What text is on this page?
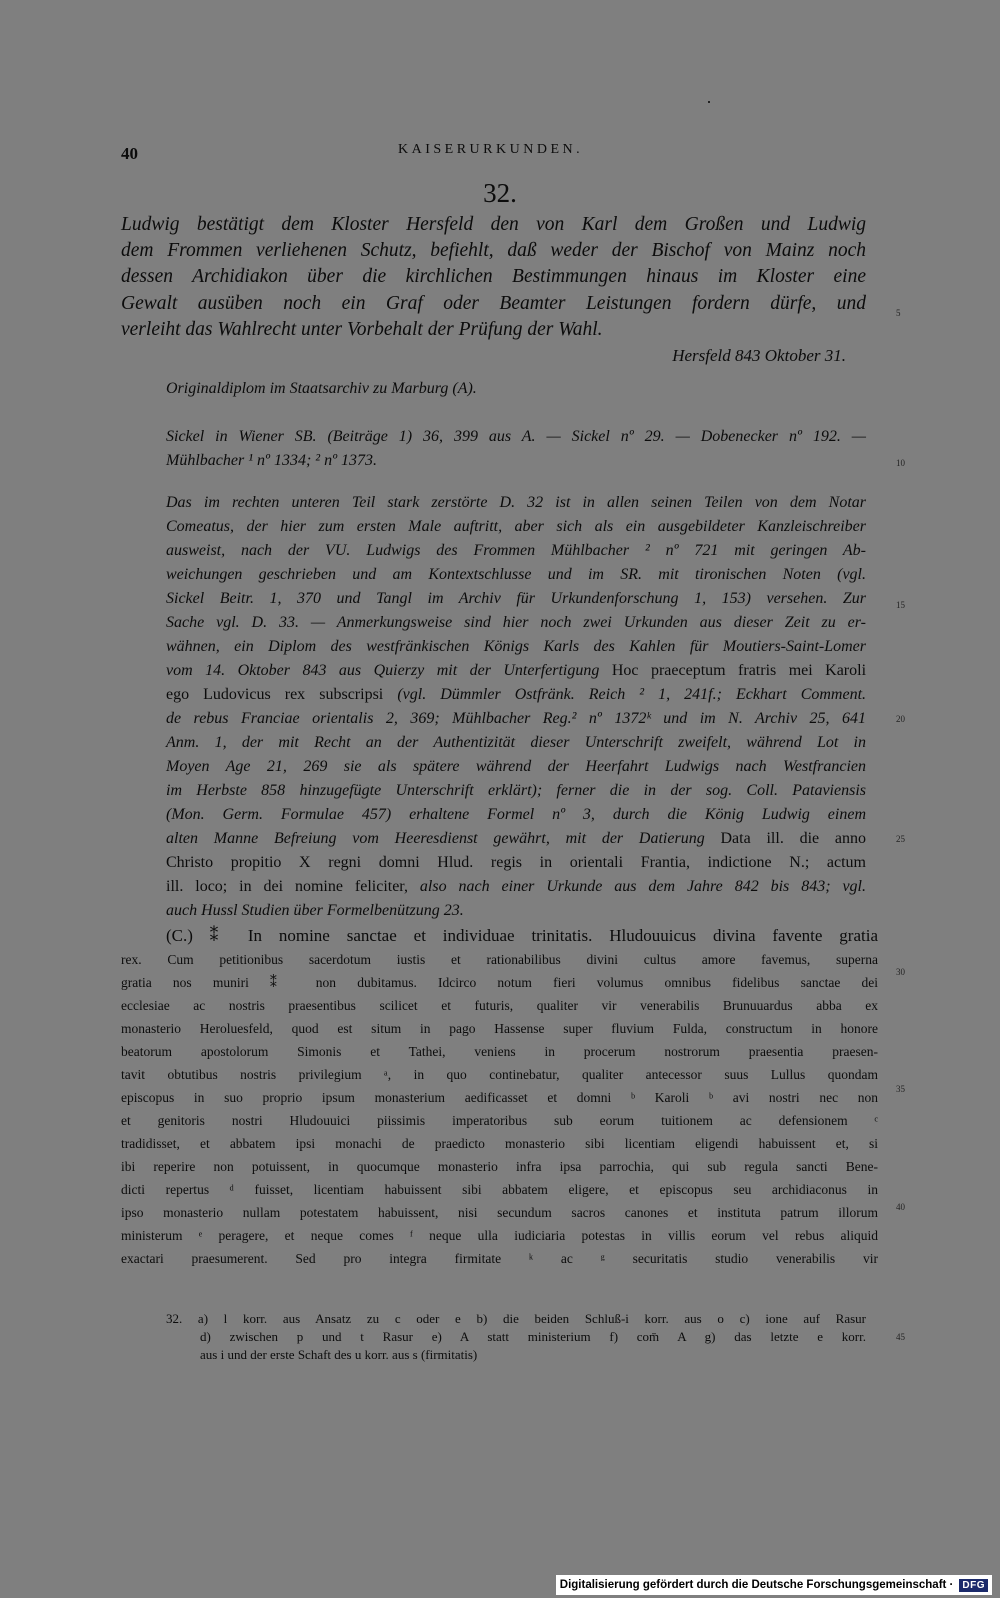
40	KAISERURKUNDEN.
32.
Ludwig bestätigt dem Kloster Hersfeld den von Karl dem Großen und Ludwig
dem Frommen verliehenen Schutz, befiehlt, daß weder der Bischof von Mainz noch
dessen Archidiakon über die kirchlichen Bestimmungen hinaus im Kloster eine
Gewalt ausüben noch ein Graf oder Beamter Leistungen fordern dürfe, und
verleiht das Wahlrecht unter Vorbehalt der Prüfung der Wahl.
Hersfeld 843 Oktober 31.
Originaldiplom im Staatsarchiv zu Marburg (A).
Sickel in Wiener SB. (Beiträge 1) 36, 399 aus A. — Sickel nº 29. — Dobenecker nº 192. —
Mühlbacher ¹ nº 1334; ² nº 1373.
Das im rechten unteren Teil stark zerstörte D. 32 ist in allen seinen Teilen von dem Notar
Comeatus, der hier zum ersten Male auftritt, aber sich als ein ausgebildeter Kanzleischreiber
ausweist, nach der VU. Ludwigs des Frommen Mühlbacher ² nº 721 mit geringen Ab-
weichungen geschrieben und am Kontextschlusse und im SR. mit tironischen Noten (vgl.
Sickel Beitr. 1, 370 und Tangl im Archiv für Urkundenforschung 1, 153) versehen. Zur
Sache vgl. D. 33. — Anmerkungsweise sind hier noch zwei Urkunden aus dieser Zeit zu er-
wähnen, ein Diplom des westfränkischen Königs Karls des Kahlen für Moutiers-Saint-Lomer
vom 14. Oktober 843 aus Quierzy mit der Unterfertigung Hoc praeceptum fratris mei Karoli
ego Ludovicus rex subscripsi (vgl. Dümmler Ostfränk. Reich ² 1, 241f.; Eckhart Comment.
de rebus Franciae orientalis 2, 369; Mühlbacher Reg.² nº 1372ᵏ und im N. Archiv 25, 641
Anm. 1, der mit Recht an der Authentizität dieser Unterschrift zweifelt, während Lot in
Moyen Age 21, 269 sie als spätere während der Heerfahrt Ludwigs nach Westfrancien
im Herbste 858 hinzugefügte Unterschrift erklärt); ferner die in der sog. Coll. Pataviensis
(Mon. Germ. Formulae 457) erhaltene Formel nº 3, durch die König Ludwig einem
alten Manne Befreiung vom Heeresdienst gewährt, mit der Datierung Data ill. die anno
Christo propitio X regni domni Hlud. regis in orientali Frantia, indictione N.; actum
ill. loco; in dei nomine feliciter, also nach einer Urkunde aus dem Jahre 842 bis 843; vgl.
auch Hussl Studien über Formelbenützung 23.
(C.) ⁑ In nomine sanctae et individuae trinitatis. Hludouuicus divina favente gratia
rex. Cum petitionibus sacerdotum iustis et rationabilibus divini cultus amore favemus, superna
gratia nos muniri ⁑ non dubitamus. Idcirco notum fieri volumus omnibus fidelibus sanctae dei
ecclesiae ac nostris praesentibus scilicet et futuris, qualiter vir venerabilis Brunuuardus abba ex
monasterio Heroluesfeld, quod est situm in pago Hassense super fluvium Fulda, constructum in honore
beatorum apostolorum Simonis et Tathei, veniens in procerum nostrorum praesentia praesen-
tavit obtutibus nostris privilegium ᵃ, in quo continebatur, qualiter antecessor suus Lullus quondam
episcopus in suo proprio ipsum monasterium aedificasset et domni ᵇ Karoli ᵇ avi nostri nec non
et genitoris nostri Hludouuici piissimis imperatoribus sub eorum tuitionem ac defensionem ᶜ
tradidisset, et abbatem ipsi monachi de praedicto monasterio sibi licentiam eligendi habuissent et, si
ibi reperire non potuissent, in quocumque monasterio infra ipsa parrochia, qui sub regula sancti Bene-
dicti repertus ᵈ fuisset, licentiam habuissent sibi abbatem eligere, et episcopus seu archidiaconus in
ipso monasterio nullam potestatem habuissent, nisi secundum sacros canones et instituta patrum illorum
ministerum ᵉ peragere, et neque comes ᶠ neque ulla iudiciaria potestas in villis eorum vel rebus aliquid
exactari praesumerent. Sed pro integra firmitate ᵏ ac ᵍ securitatis studio venerabilis vir
32. a) l korr. aus Ansatz zu c oder e b) die beiden Schluß-i korr. aus o c) ione auf Rasur
d) zwischen p und t Rasur e) A statt ministerium f) com̄ A g) das letzte e korr.
aus i und der erste Schaft des u korr. aus s (firmitatis)
5
10
15
20
25
30
35
40
45
Digitalisierung gefördert durch die Deutsche Forschungsgemeinschaft · DFG
